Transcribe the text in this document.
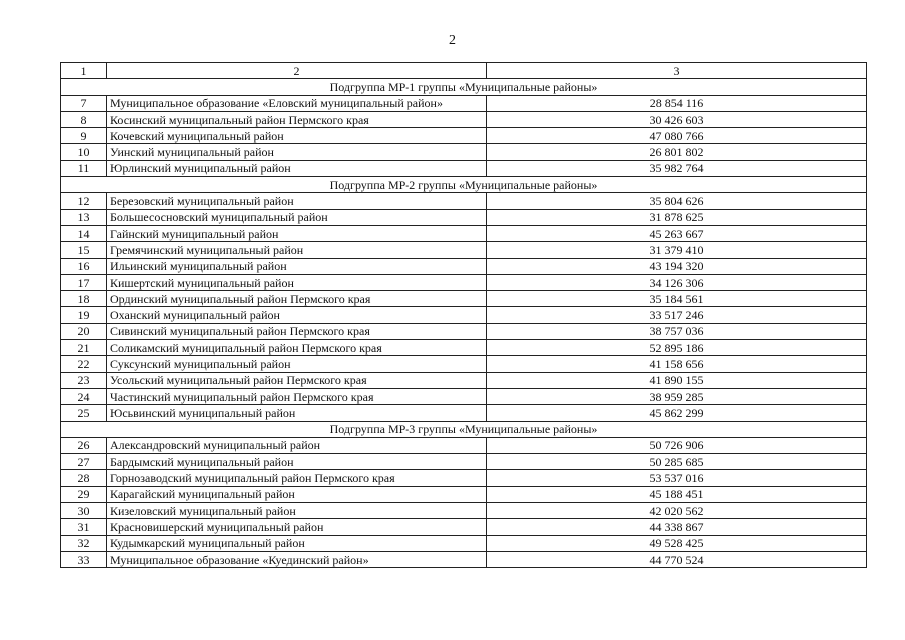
2
1	2	3
Подгруппа МР-1 группы «Муниципальные районы»		
7	Муниципальное образование «Еловский муниципальный район»	28 854 116
8	Косинский муниципальный район Пермского края	30 426 603
9	Кочевский муниципальный район	47 080 766
10	Уинский муниципальный район	26 801 802
11	Юрлинский муниципальный район	35 982 764
Подгруппа МР-2 группы «Муниципальные районы»		
12	Березовский муниципальный район	35 804 626
13	Большесосновский муниципальный район	31 878 625
14	Гайнский муниципальный район	45 263 667
15	Гремячинский муниципальный район	31 379 410
16	Ильинский муниципальный район	43 194 320
17	Кишертский муниципальный район	34 126 306
18	Ординский муниципальный район Пермского края	35 184 561
19	Оханский муниципальный район	33 517 246
20	Сивинский муниципальный район Пермского края	38 757 036
21	Соликамский муниципальный район Пермского края	52 895 186
22	Суксунский муниципальный район	41 158 656
23	Усольский муниципальный район Пермского края	41 890 155
24	Частинский муниципальный район Пермского края	38 959 285
25	Юсьвинский муниципальный район	45 862 299
Подгруппа МР-3 группы «Муниципальные районы»		
26	Александровский муниципальный район	50 726 906
27	Бардымский муниципальный район	50 285 685
28	Горнозаводский муниципальный район Пермского края	53 537 016
29	Карагайский муниципальный район	45 188 451
30	Кизеловский муниципальный район	42 020 562
31	Красновишерский муниципальный район	44 338 867
32	Кудымкарский муниципальный район	49 528 425
33	Муниципальное образование «Куединский район»	44 770 524
